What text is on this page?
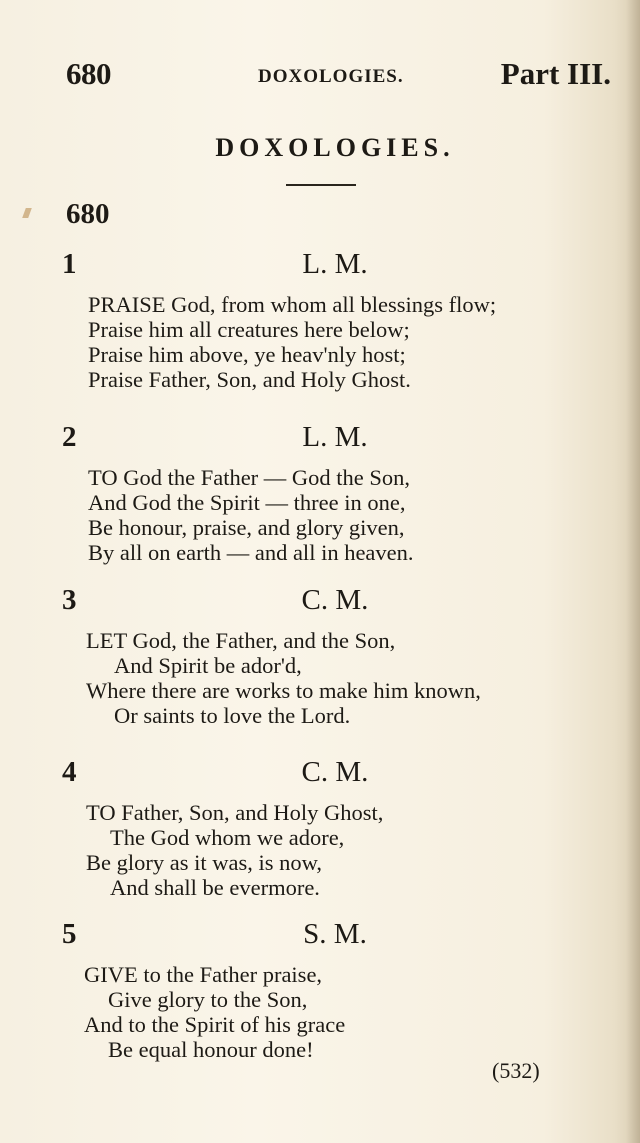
680	DOXOLOGIES.	Part III.
DOXOLOGIES.
680
1	L. M.
PRAISE God, from whom all blessings flow;
Praise him all creatures here below;
Praise him above, ye heav'nly host;
Praise Father, Son, and Holy Ghost.
2	L. M.
TO God the Father — God the Son,
And God the Spirit — three in one,
Be honour, praise, and glory given,
By all on earth — and all in heaven.
3	C. M.
LET God, the Father, and the Son,
And Spirit be ador'd,
Where there are works to make him known,
Or saints to love the Lord.
4	C. M.
TO Father, Son, and Holy Ghost,
The God whom we adore,
Be glory as it was, is now,
And shall be evermore.
5	S. M.
GIVE to the Father praise,
Give glory to the Son,
And to the Spirit of his grace
Be equal honour done!
(532)
